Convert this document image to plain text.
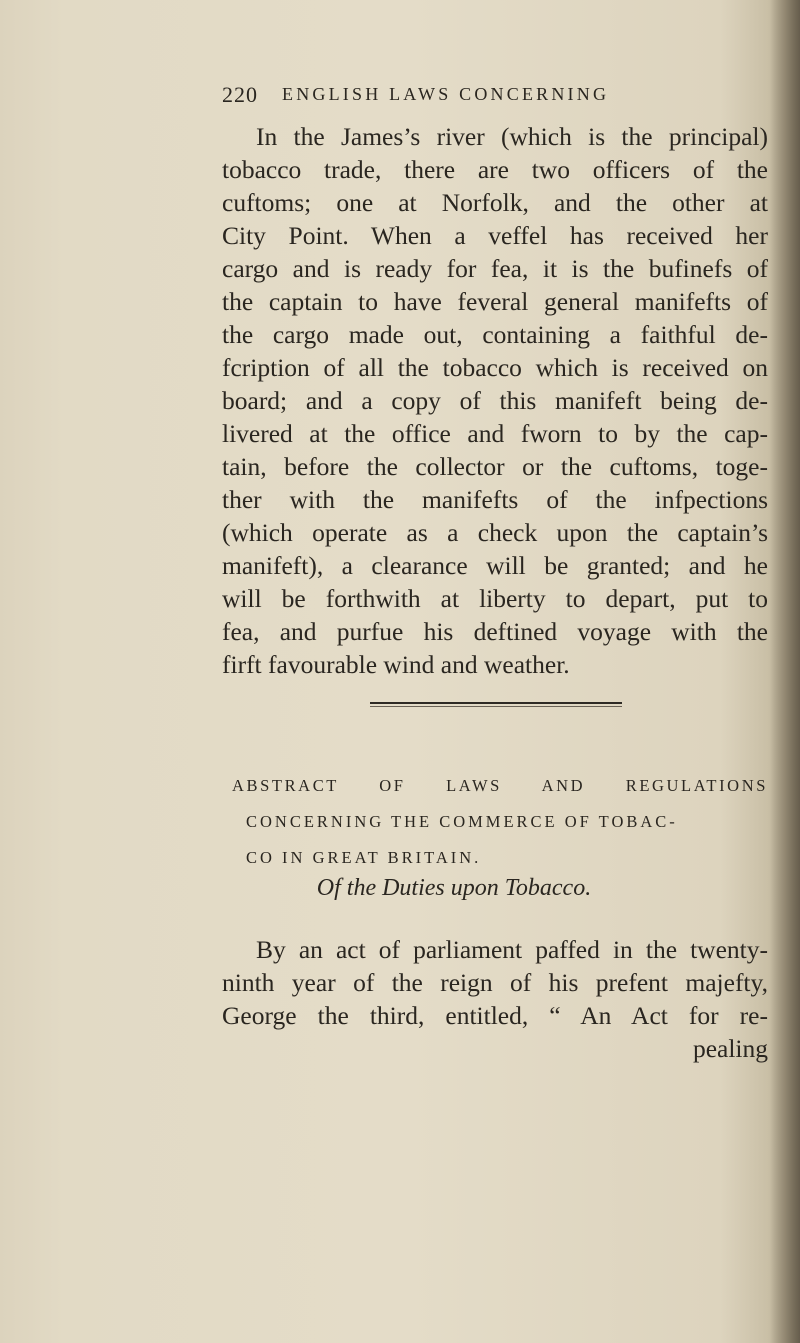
220 ENGLISH LAWS CONCERNING
In the James’s river (which is the principal)
tobacco trade, there are two officers of the
cuftoms; one at Norfolk, and the other at
City Point. When a veffel has received her
cargo and is ready for fea, it is the bufinefs of
the captain to have feveral general manifefts of
the cargo made out, containing a faithful de-
fcription of all the tobacco which is received on
board; and a copy of this manifeft being de-
livered at the office and fworn to by the cap-
tain, before the collector or the cuftoms, toge-
ther with the manifefts of the infpections
(which operate as a check upon the captain’s
manifeft), a clearance will be granted; and he
will be forthwith at liberty to depart, put to
fea, and purfue his deftined voyage with the
firft favourable wind and weather.
ABSTRACT OF LAWS AND REGULATIONS
CONCERNING THE COMMERCE OF TOBAC-
CO IN GREAT BRITAIN.
Of the Duties upon Tobacco.
By an act of parliament paffed in the twenty-
ninth year of the reign of his prefent majefty,
George the third, entitled, “ An Act for re-
pealing
